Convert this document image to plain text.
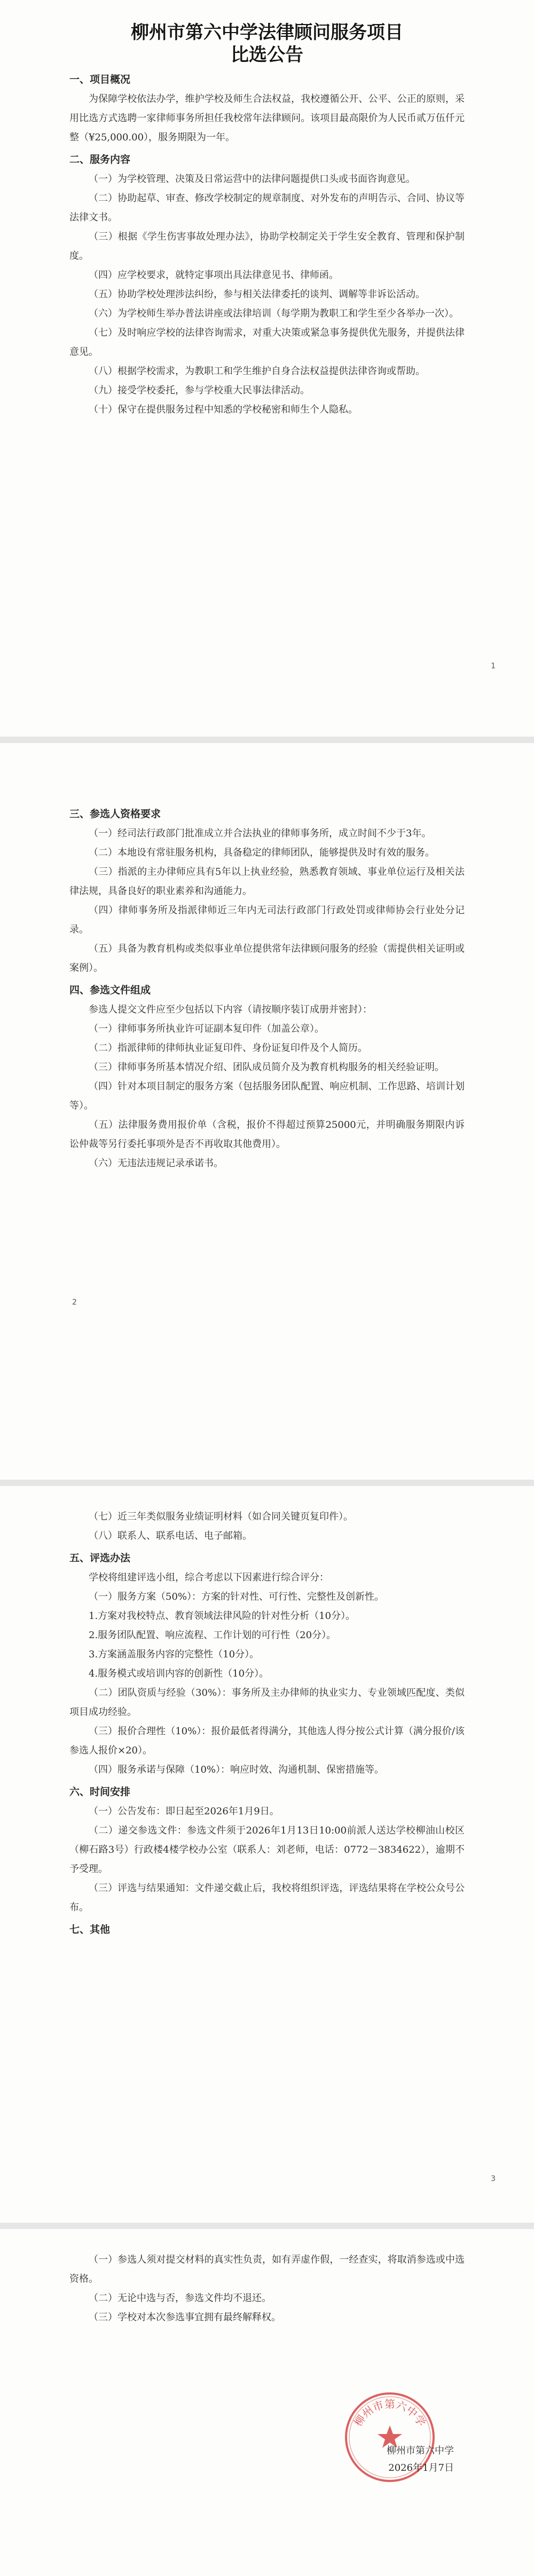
柳州市第六中学法律顾问服务项目
比选公告
一、项目概况

为保障学校依法办学，维护学校及师生合法权益，我校遵循公开、公平、公正的原则，采用比选方式选聘一家律师事务所担任我校常年法律顾问。该项目最高限价为人民币贰万伍仟元整（¥25,000.00），服务期限为一年。

二、服务内容

（一）为学校管理、决策及日常运营中的法律问题提供口头或书面咨询意见。

（二）协助起草、审查、修改学校制定的规章制度、对外发布的声明告示、合同、协议等法律文书。

（三）根据《学生伤害事故处理办法》，协助学校制定关于学生安全教育、管理和保护制度。

（四）应学校要求，就特定事项出具法律意见书、律师函。

（五）协助学校处理涉法纠纷，参与相关法律委托的谈判、调解等非诉讼活动。

（六）为学校师生举办普法讲座或法律培训（每学期为教职工和学生至少各举办一次）。

（七）及时响应学校的法律咨询需求，对重大决策或紧急事务提供优先服务，并提供法律意见。

（八）根据学校需求，为教职工和学生维护自身合法权益提供法律咨询或帮助。

（九）接受学校委托，参与学校重大民事法律活动。

（十）保守在提供服务过程中知悉的学校秘密和师生个人隐私。

1
三、参选人资格要求

（一）经司法行政部门批准成立并合法执业的律师事务所，成立时间不少于3年。

（二）本地设有常驻服务机构，具备稳定的律师团队，能够提供及时有效的服务。

（三）指派的主办律师应具有5年以上执业经验，熟悉教育领域、事业单位运行及相关法律法规，具备良好的职业素养和沟通能力。

（四）律师事务所及指派律师近三年内无司法行政部门行政处罚或律师协会行业处分记录。

（五）具备为教育机构或类似事业单位提供常年法律顾问服务的经验（需提供相关证明或案例）。

四、参选文件组成

参选人提交文件应至少包括以下内容（请按顺序装订成册并密封）：

（一）律师事务所执业许可证副本复印件（加盖公章）。

（二）指派律师的律师执业证复印件、身份证复印件及个人简历。

（三）律师事务所基本情况介绍、团队成员简介及为教育机构服务的相关经验证明。

（四）针对本项目制定的服务方案（包括服务团队配置、响应机制、工作思路、培训计划等）。

（五）法律服务费用报价单（含税，报价不得超过预算25000元，并明确服务期限内诉讼仲裁等另行委托事项外是否不再收取其他费用）。

（六）无违法违规记录承诺书。

2

（七）近三年类似服务业绩证明材料（如合同关键页复印件）。

（八）联系人、联系电话、电子邮箱。

五、评选办法

学校将组建评选小组，综合考虑以下因素进行综合评分：

（一）服务方案（50%）：方案的针对性、可行性、完整性及创新性。

1.方案对我校特点、教育领域法律风险的针对性分析（10分）。

2.服务团队配置、响应流程、工作计划的可行性（20分）。

3.方案涵盖服务内容的完整性（10分）。

4.服务模式或培训内容的创新性（10分）。

（二）团队资质与经验（30%）：事务所及主办律师的执业实力、专业领域匹配度、类似项目成功经验。

（三）报价合理性（10%）：报价最低者得满分，其他选人得分按公式计算（满分报价/该参选人报价×20）。

（四）服务承诺与保障（10%）：响应时效、沟通机制、保密措施等。

六、时间安排

（一）公告发布：即日起至2026年1月9日。

（二）递交参选文件：参选文件须于2026年1月13日10:00前派人送达学校柳油山校区（柳石路3号）行政楼4楼学校办公室（联系人：刘老师，电话：0772－3834622），逾期不予受理。

（三）评选与结果通知：文件递交截止后，我校将组织评选，评选结果将在学校公众号公布。

七、其他
3

（一）参选人须对提交材料的真实性负责，如有弄虚作假，一经查实，将取消参选或中选资格。

（二）无论中选与否，参选文件均不退还。

（三）学校对本次参选事宜拥有最终解释权。

柳州市第六中学
柳州市第六中学
2026年1月7日
